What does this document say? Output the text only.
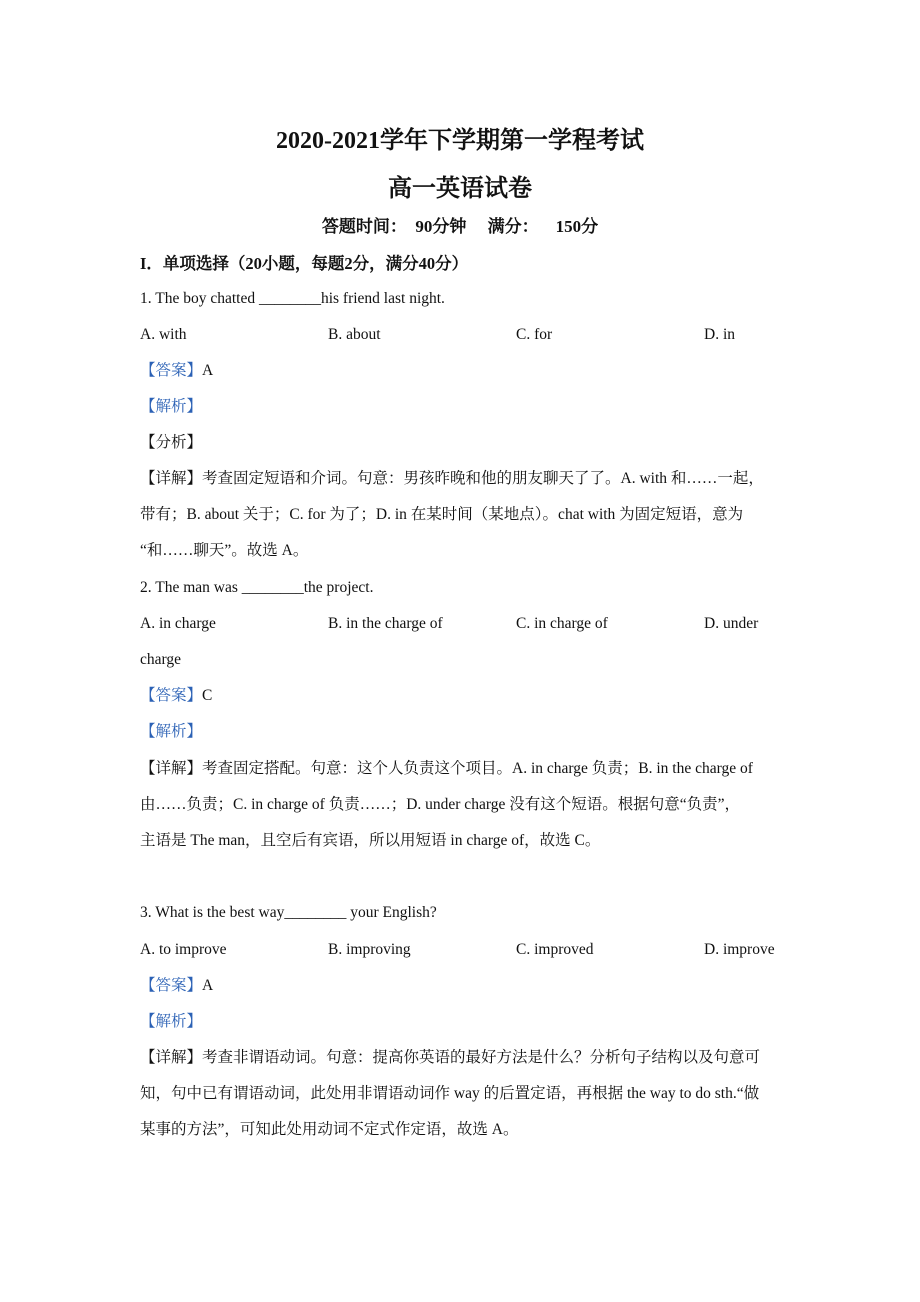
2020-2021学年下学期第一学程考试
高一英语试卷
答题时间：  90分钟     满分：    150分
I．单项选择（20小题，每题2分，满分40分）
1. The boy chatted ________his friend last night.
A. with	B. about	C. for	D. in
【答案】A
【解析】
【分析】
【详解】考查固定短语和介词。句意：男孩昨晚和他的朋友聊天了了。A. with 和……一起，
带有；B. about 关于；C. for 为了；D. in 在某时间（某地点）。chat with 为固定短语，意为
“和……聊天”。故选 A。
2. The man was ________the project.
A. in charge	B. in the charge of	C. in charge of	D. under
charge
【答案】C
【解析】
【详解】考查固定搭配。句意：这个人负责这个项目。A. in charge 负责；B. in the charge of
由……负责；C. in charge of 负责……；D. under charge 没有这个短语。根据句意“负责”，
主语是 The man，且空后有宾语，所以用短语 in charge of，故选 C。
3. What is the best way________ your English?
A. to improve	B. improving	C. improved	D. improve
【答案】A
【解析】
【详解】考查非谓语动词。句意：提高你英语的最好方法是什么？分析句子结构以及句意可
知，句中已有谓语动词，此处用非谓语动词作 way 的后置定语，再根据 the way to do sth.“做
某事的方法”，可知此处用动词不定式作定语，故选 A。
